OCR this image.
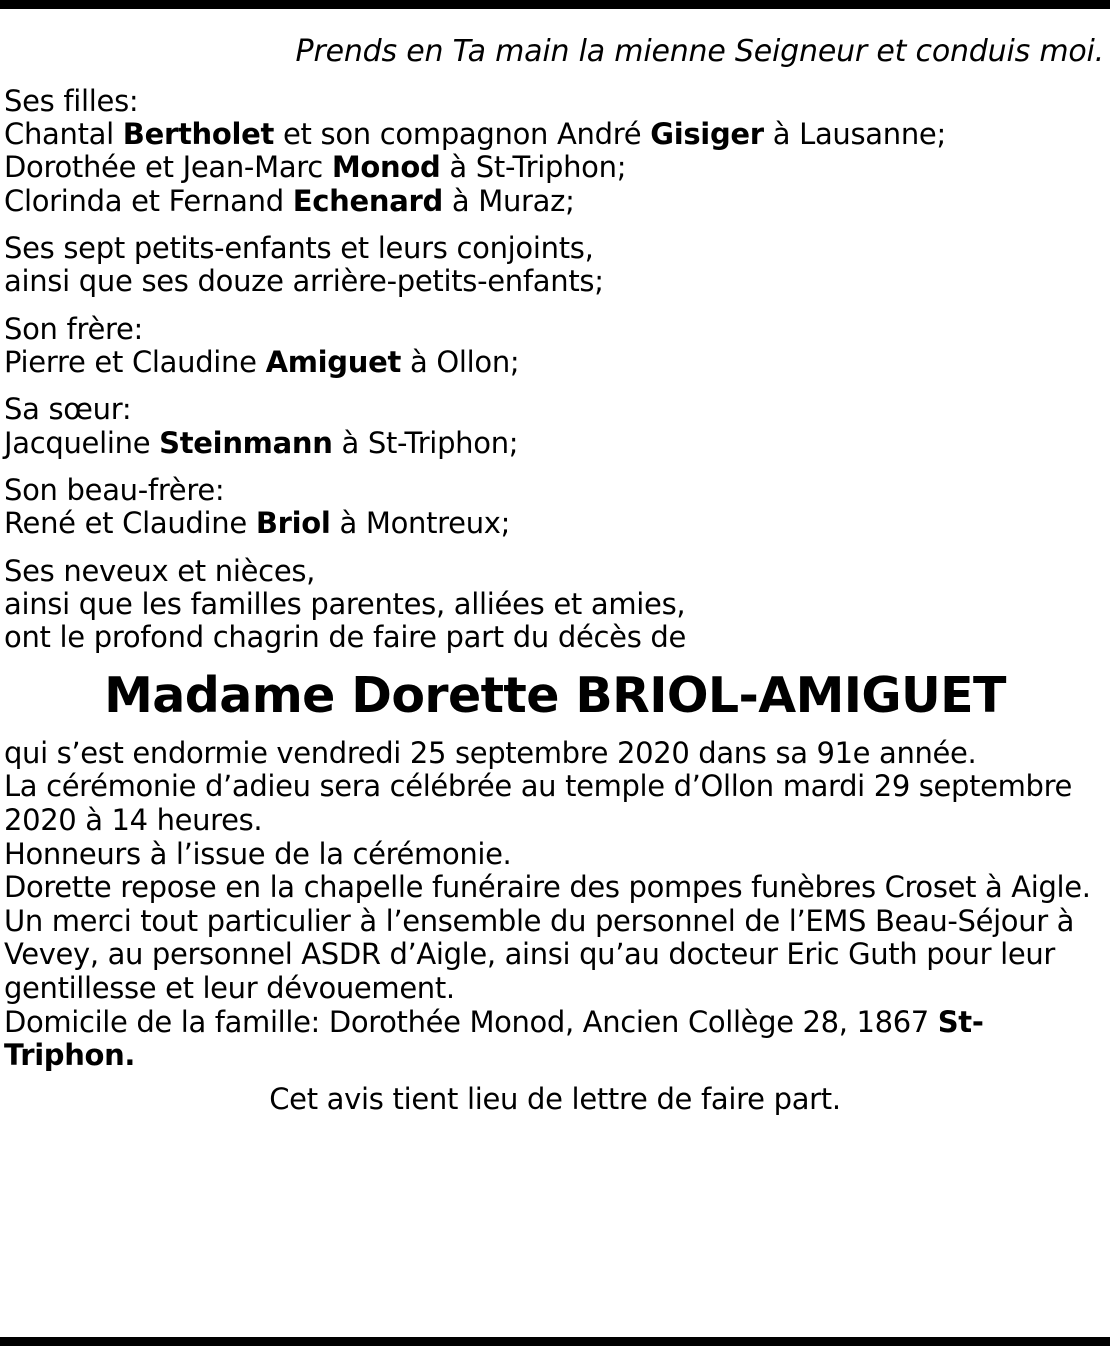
Prends en Ta main la mienne Seigneur et conduis moi.
Ses filles:
Chantal Bertholet et son compagnon André Gisiger à Lausanne;
Dorothée et Jean-Marc Monod à St-Triphon;
Clorinda et Fernand Echenard à Muraz;
Ses sept petits-enfants et leurs conjoints,
ainsi que ses douze arrière-petits-enfants;
Son frère:
Pierre et Claudine Amiguet à Ollon;
Sa sœur:
Jacqueline Steinmann à St-Triphon;
Son beau-frère:
René et Claudine Briol à Montreux;
Ses neveux et nièces,
ainsi que les familles parentes, alliées et amies,
ont le profond chagrin de faire part du décès de
Madame Dorette BRIOL-AMIGUET
qui s’est endormie vendredi 25 septembre 2020 dans sa 91e année.
La cérémonie d’adieu sera célébrée au temple d’Ollon mardi 29 septembre 2020 à 14 heures.
Honneurs à l’issue de la cérémonie.
Dorette repose en la chapelle funéraire des pompes funèbres Croset à Aigle.
Un merci tout particulier à l’ensemble du personnel de l’EMS Beau-Séjour à Vevey, au personnel ASDR d’Aigle, ainsi qu’au docteur Eric Guth pour leur gentillesse et leur dévouement.
Domicile de la famille: Dorothée Monod, Ancien Collège 28, 1867 St-Triphon.
Cet avis tient lieu de lettre de faire part.
